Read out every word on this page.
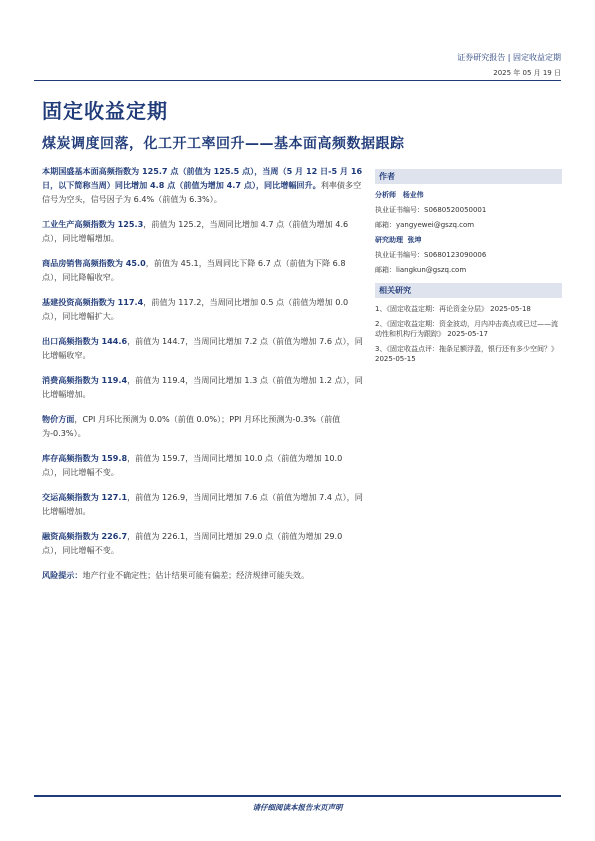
证券研究报告 | 固定收益定期
2025 年 05 月 19 日
固定收益定期
煤炭调度回落，化工开工率回升——基本面高频数据跟踪

本期国盛基本面高频指数为 125.7 点（前值为 125.5 点），当周（5 月 12 日-5 月 16 日，以下简称当周）同比增加 4.8 点（前值为增加 4.7 点），同比增幅回升。利率债多空信号为空头，信号因子为 6.4%（前值为 6.3%）。

工业生产高频指数为 125.3，前值为 125.2，当周同比增加 4.7 点（前值为增加 4.6 点），同比增幅增加。

商品房销售高频指数为 45.0，前值为 45.1，当周同比下降 6.7 点（前值为下降 6.8 点），同比降幅收窄。

基建投资高频指数为 117.4，前值为 117.2，当周同比增加 0.5 点（前值为增加 0.0 点），同比增幅扩大。

出口高频指数为 144.6，前值为 144.7，当周同比增加 7.2 点（前值为增加 7.6 点），同比增幅收窄。

消费高频指数为 119.4，前值为 119.4，当周同比增加 1.3 点（前值为增加 1.2 点），同比增幅增加。

物价方面，CPI 月环比预测为 0.0%（前值 0.0%）；PPI 月环比预测为-0.3%（前值为-0.3%）。

库存高频指数为 159.8，前值为 159.7，当周同比增加 10.0 点（前值为增加 10.0 点），同比增幅不变。

交运高频指数为 127.1，前值为 126.9，当周同比增加 7.6 点（前值为增加 7.4 点），同比增幅增加。

融资高频指数为 226.7，前值为 226.1，当周同比增加 29.0 点（前值为增加 29.0 点），同比增幅不变。

风险提示：地产行业不确定性；估计结果可能有偏差；经济规律可能失效。

作者
分析师 杨业伟
执业证书编号：S0680520050001
邮箱：yangyewei@gszq.com
研究助理 张坤
执业证书编号：S0680123090006
邮箱：liangkun@gszq.com
相关研究
1、《固定收益定期：再论资金分层》 2025-05-18
2、《固定收益定期：资金波动，月内冲击高点或已过——流动性和机构行为跟踪》 2025-05-17
3、《固定收益点评：拖条足额浮盈，银行还有多少空间？》 2025-05-15
请仔细阅读本报告末页声明
